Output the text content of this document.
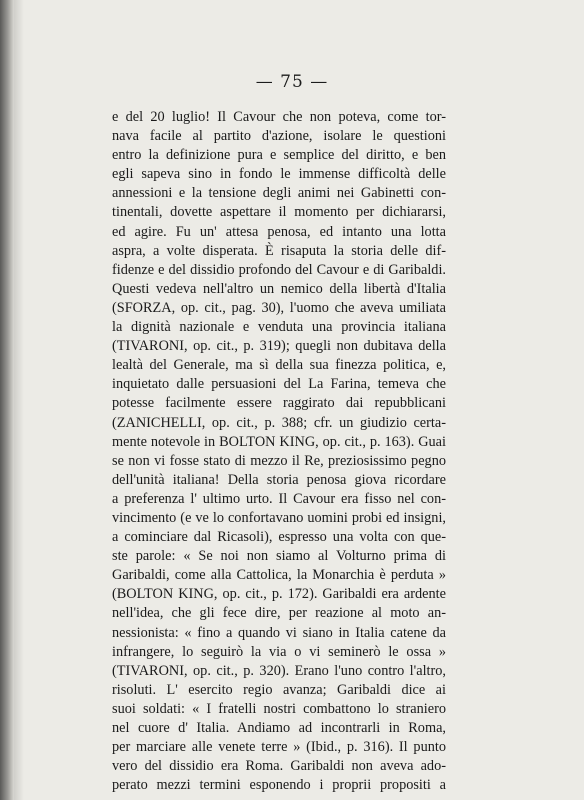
— 75 —
e del 20 luglio! Il Cavour che non poteva, come tor-
nava facile al partito d'azione, isolare le questioni
entro la definizione pura e semplice del diritto, e ben
egli sapeva sino in fondo le immense difficoltà delle
annessioni e la tensione degli animi nei Gabinetti con-
tinentali, dovette aspettare il momento per dichiararsi,
ed agire. Fu un' attesa penosa, ed intanto una lotta
aspra, a volte disperata. È risaputa la storia delle dif-
fidenze e del dissidio profondo del Cavour e di Garibaldi.
Questi vedeva nell'altro un nemico della libertà d'Italia
(SFORZA, op. cit., pag. 30), l'uomo che aveva umiliata
la dignità nazionale e venduta una provincia italiana
(TIVARONI, op. cit., p. 319); quegli non dubitava della
lealtà del Generale, ma sì della sua finezza politica, e,
inquietato dalle persuasioni del La Farina, temeva che
potesse facilmente essere raggirato dai repubblicani
(ZANICHELLI, op. cit., p. 388; cfr. un giudizio certa-
mente notevole in BOLTON KING, op. cit., p. 163). Guai
se non vi fosse stato di mezzo il Re, preziosissimo pegno
dell'unità italiana! Della storia penosa giova ricordare
a preferenza l' ultimo urto. Il Cavour era fisso nel con-
vincimento (e ve lo confortavano uomini probi ed insigni,
a cominciare dal Ricasoli), espresso una volta con que-
ste parole: « Se noi non siamo al Volturno prima di
Garibaldi, come alla Cattolica, la Monarchia è perduta »
(BOLTON KING, op. cit., p. 172). Garibaldi era ardente
nell'idea, che gli fece dire, per reazione al moto an-
nessionista: « fino a quando vi siano in Italia catene da
infrangere, lo seguirò la via o vi seminerò le ossa »
(TIVARONI, op. cit., p. 320). Erano l'uno contro l'altro,
risoluti. L' esercito regio avanza; Garibaldi dice ai
suoi soldati: « I fratelli nostri combattono lo straniero
nel cuore d' Italia. Andiamo ad incontrarli in Roma,
per marciare alle venete terre » (Ibid., p. 316). Il punto
vero del dissidio era Roma. Garibaldi non aveva ado-
perato mezzi termini esponendo i proprii propositi a
